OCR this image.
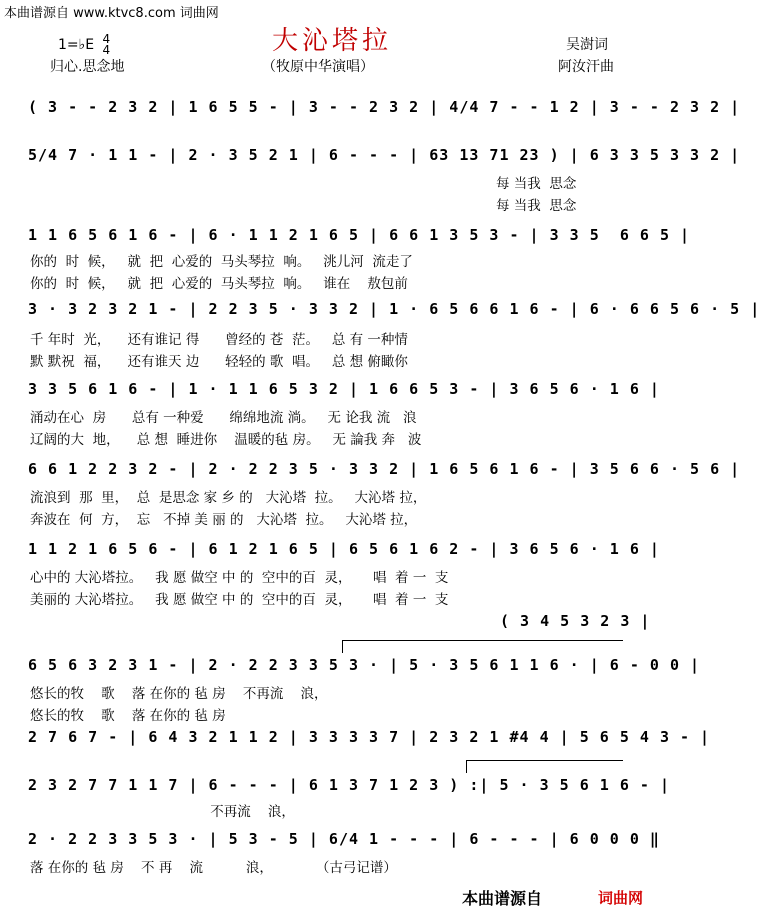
本曲谱源自 www.ktvc8.com 词曲网
大沁塔拉
1=♭E 4
4
归心.思念地	（牧原中华演唱）
吴澍词
阿汝汗曲
( 3 - - 2 3 2 | 1 6 5 5 - | 3 - - 2 3 2 | 4/4 7 - - 1 2 | 3 - - 2 3 2 |
5/4 7 · 1 1 - | 2 · 3 5 2 1 | 6 - - - | 63 13 71 23 ) | 6 3 3 5 3 3 2 |
每 当我  思念
每 当我  思念
1 1 6 5 6 1 6 - | 6 · 1 1 2 1 6 5 | 6 6 1 3 5 3 - | 3 3 5  6 6 5 |
你的  时  候，   就  把  心爱的  马头琴拉  响。   洮儿河  流走了
你的  时  候，   就  把  心爱的  马头琴拉  响。   谁在    敖包前
3 · 3 2 3 2 1 - | 2 2 3 5 · 3 3 2 | 1 · 6 5 6 6 1 6 - | 6 · 6 6 5 6 · 5 |
千 年时  光，    还有谁记 得      曾经的 苍  茫。   总 有 一种情
默 默祝  福，    还有谁天 边      轻轻的 歌  唱。   总 想 俯瞰你
3 3 5 6 1 6 - | 1 · 1 1 6 5 3 2 | 1 6 6 5 3 - | 3 6 5 6 · 1 6 |
涌动在心  房      总有 一种爱      绵绵地流 淌。   无 论我 流   浪
辽阔的大  地，    总 想  睡进你    温暖的毡 房。   无 論我 奔   波
6 6 1 2 2 3 2 - | 2 · 2 2 3 5 · 3 3 2 | 1 6 5 6 1 6 - | 3 5 6 6 · 5 6 |
流浪到  那  里，  总  是思念 家 乡 的   大沁塔  拉。   大沁塔 拉，
奔波在  何  方，  忘   不掉 美 丽 的   大沁塔  拉。   大沁塔 拉，
1 1 2 1 6 5 6 - | 6 1 2 1 6 5 | 6 5 6 1 6 2 - | 3 6 5 6 · 1 6 |
心中的 大沁塔拉。   我 愿 做空 中 的  空中的百  灵，     唱  着 一  支
美丽的 大沁塔拉。   我 愿 做空 中 的  空中的百  灵，     唱  着 一  支
( 3 4 5 3 2 3 |
6 5 6 3 2 3 1 - | 2 · 2 2 3 3 5 3 · | 5 · 3 5 6 1 1 6 · | 6 - 0 0 |
悠长的牧    歌    落 在你的 毡 房    不再流    浪，
悠长的牧    歌    落 在你的 毡 房
2 7 6 7 - | 6 4 3 2 1 1 2 | 3 3 3 3 7 | 2 3 2 1 #4 4 | 5 6 5 4 3 - |
2 3 2 7 7 1 1 7 | 6 - - - | 6 1 3 7 1 2 3 ) :| 5 · 3 5 6 1 6 - |
不再流    浪，
2 · 2 2 3 3 5 3 · | 5 3 - 5 | 6/4 1 - - - | 6 - - - | 6 0 0 0 ‖
落 在你的 毡 房    不 再    流          浪，          （古弓记谱）
本曲谱源自	词曲网
